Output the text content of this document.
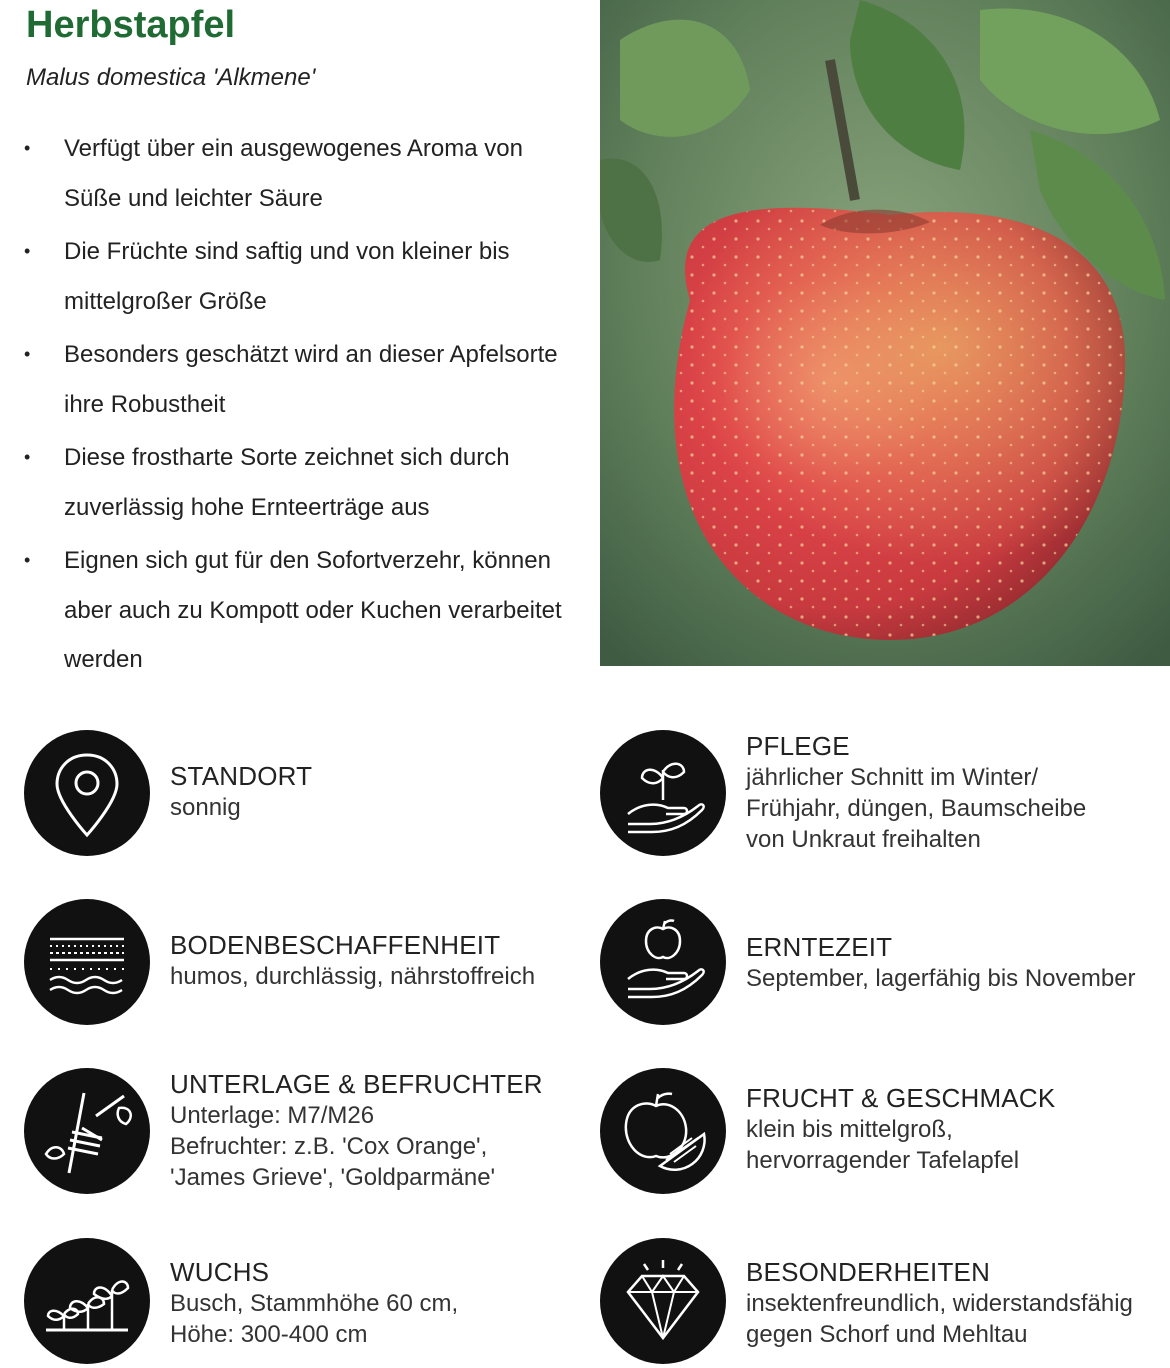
Herbstapfel
Malus domestica 'Alkmene'
• Verfügt über ein ausgewogenes Aroma von Süße und leichter Säure
• Die Früchte sind saftig und von kleiner bis mittelgroßer Größe
• Besonders geschätzt wird an dieser Apfelsorte ihre Robustheit
• Diese frostharte Sorte zeichnet sich durch zuverlässig hohe Ernteerträge aus
• Eignen sich gut für den Sofortverzehr, können aber auch zu Kompott oder Kuchen verarbeitet werden
STANDORT
sonnig
BODENBESCHAFFENHEIT
humos, durchlässig, nährstoffreich
UNTERLAGE & BEFRUCHTER
Unterlage: M7/M26
Befruchter: z.B. 'Cox Orange',
'James Grieve', 'Goldparmäne'
WUCHS
Busch, Stammhöhe 60 cm,
Höhe: 300-400 cm
PFLEGE
jährlicher Schnitt im Winter/
Frühjahr, düngen, Baumscheibe
von Unkraut freihalten
ERNTEZEIT
September, lagerfähig bis November
FRUCHT & GESCHMACK
klein bis mittelgroß,
hervorragender Tafelapfel
BESONDERHEITEN
insektenfreundlich, widerstandsfähig
gegen Schorf und Mehltau
